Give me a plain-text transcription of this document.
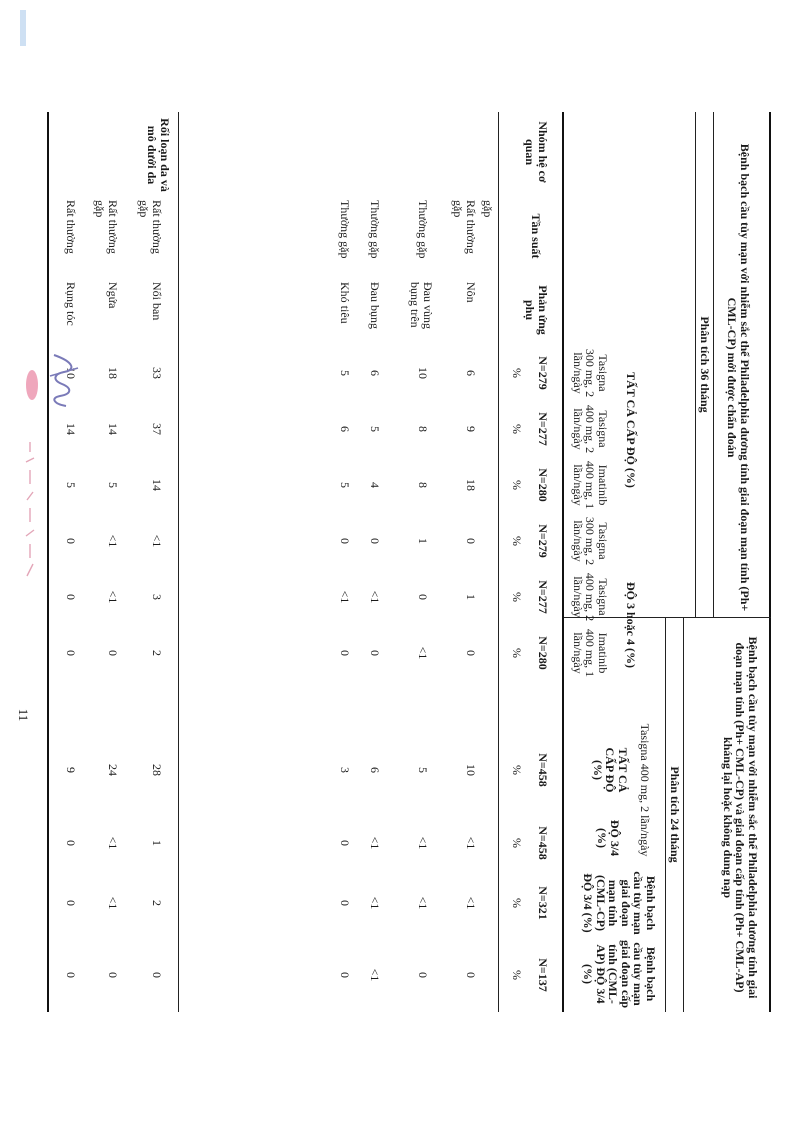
Bệnh bạch cầu tủy mạn với nhiễm sắc thể Philadelphia dương tính giai đoạn mạn tính (Ph+ CML-CP) mới được chẩn đoán
Bệnh bạch cầu tủy mạn với nhiễm sắc thể Philadelphia dương tính giai đoạn mạn tính (Ph+ CML-CP) và giai đoạn cấp tính (Ph+ CML-AP) kháng lại hoặc không dung nạp
Phân tích 36 tháng
Phân tích 24 tháng
Tasigna 400 mg, 2 lần/ngày
TẤT CẢ CẤP ĐỘ (%)
ĐỘ 3 hoặc 4 (%)
Tasigna 300 mg, 2 lần/ngày
Tasigna 400 mg, 2 lần/ngày
Imatinib 400 mg, 1 lần/ngày
Tasigna 300 mg, 2 lần/ngày
Tasigna 400 mg, 2 lần/ngày
Imatinib 400 mg, 1 lần/ngày
TẤT CẢ CẤP ĐỘ (%)
ĐỘ 3/4 (%)
Bệnh bạch cầu tủy mạn giai đoạn mạn tính (CML-CP) ĐỘ 3/4 (%)
Bệnh bạch cầu tủy mạn giai đoạn cấp tính (CML-AP) ĐỘ 3/4 (%)
Nhóm hệ cơ quan
Tần suất
Phản ứng phụ
N=279
N=277
N=280
N=279
N=277
N=280
N=458
N=458
N=321
N=137
%
%
%
%
%
%
%
%
%
%
gặp
Rất thường gặp
Nôn
6
9
18
0
1
0
10
<1
<1
0
Thường gặp
Đau vùng bụng trên
10
8
8
1
0
<1
5
<1
<1
0
Thường gặp
Đau bụng
6
5
4
0
<1
0
6
<1
<1
<1
Thường gặp
Khó tiêu
5
6
5
0
<1
0
3
0
0
0
Rối loạn da và mô dưới da
Rất thường gặp
Nổi ban
33
37
14
<1
3
2
28
1
2
0
Rất thường gặp
Ngứa
18
14
5
<1
<1
0
24
<1
<1
0
Rất thường
Rụng tóc
10
14
5
0
0
0
9
0
0
0
11
